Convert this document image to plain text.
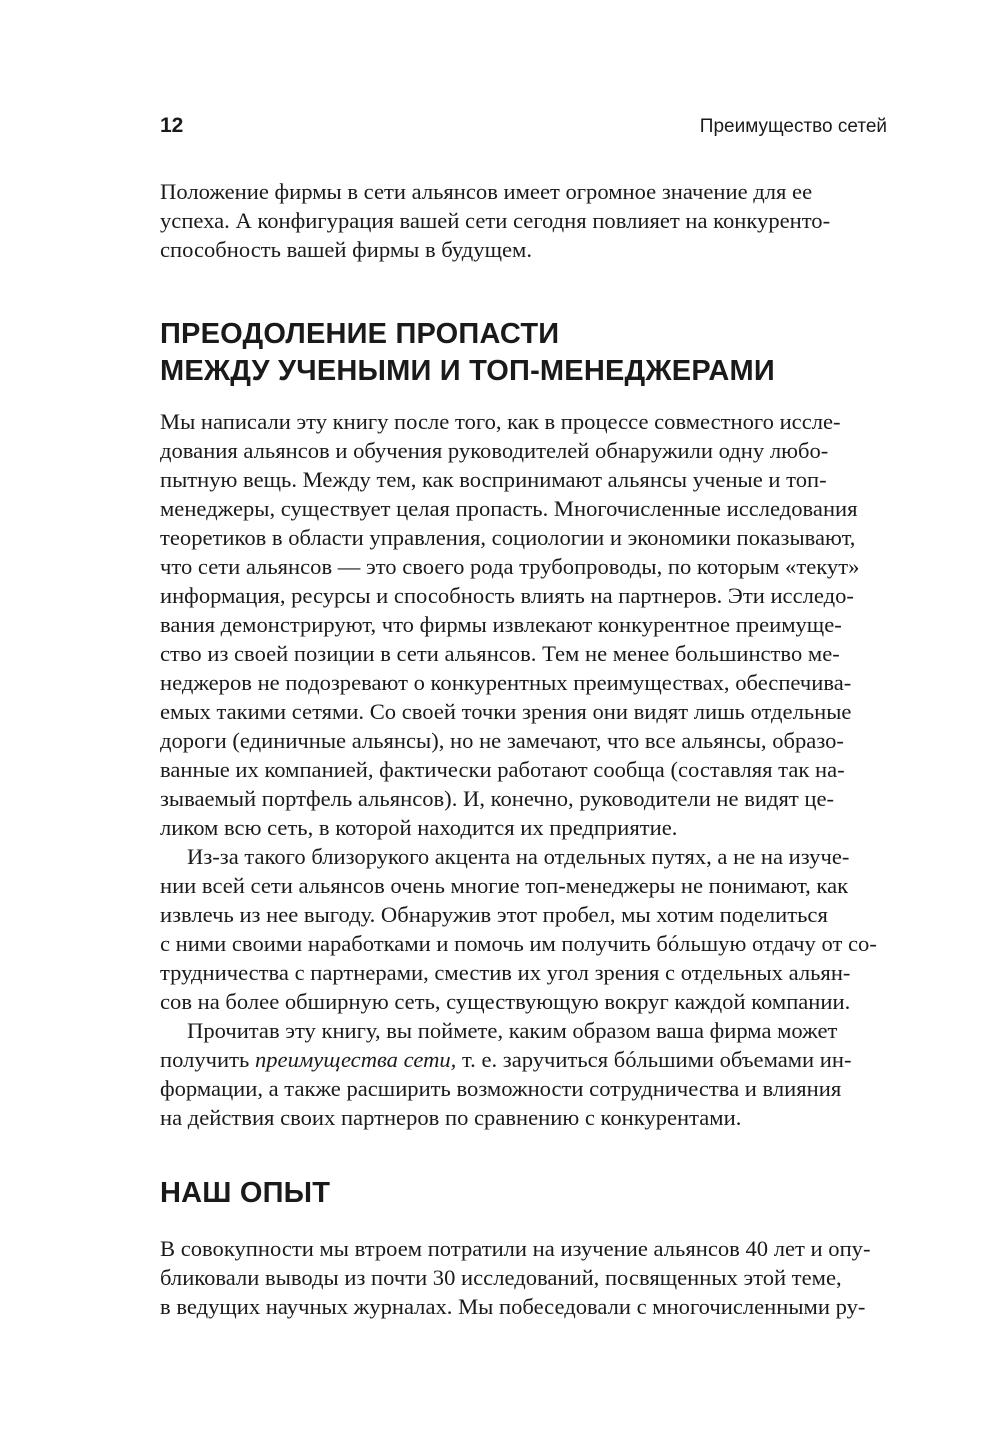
12	Преимущество сетей

Положение фирмы в сети альянсов имеет огромное значение для ее
успеха. А конфигурация вашей сети сегодня повлияет на конкуренто-
способность вашей фирмы в будущем.

ПРЕОДОЛЕНИЕ ПРОПАСТИ
МЕЖДУ УЧЕНЫМИ И ТОП-МЕНЕДЖЕРАМИ

Мы написали эту книгу после того, как в процессе совместного иссле-
дования альянсов и обучения руководителей обнаружили одну любо-
пытную вещь. Между тем, как воспринимают альянсы ученые и топ-
менеджеры, существует целая пропасть. Многочисленные исследования
теоретиков в области управления, социологии и экономики показывают,
что сети альянсов — это своего рода трубопроводы, по которым «текут»
информация, ресурсы и способность влиять на партнеров. Эти исследо-
вания демонстрируют, что фирмы извлекают конкурентное преимуще-
ство из своей позиции в сети альянсов. Тем не менее большинство ме-
неджеров не подозревают о конкурентных преимуществах, обеспечива-
емых такими сетями. Со своей точки зрения они видят лишь отдельные
дороги (единичные альянсы), но не замечают, что все альянсы, образо-
ванные их компанией, фактически работают сообща (составляя так на-
зываемый портфель альянсов). И, конечно, руководители не видят це-
ликом всю сеть, в которой находится их предприятие.

Из-за такого близорукого акцента на отдельных путях, а не на изуче-
нии всей сети альянсов очень многие топ-менеджеры не понимают, как
извлечь из нее выгоду. Обнаружив этот пробел, мы хотим поделиться
с ними своими наработками и помочь им получить бóльшую отдачу от со-
трудничества с партнерами, сместив их угол зрения с отдельных альян-
сов на более обширную сеть, существующую вокруг каждой компании.

Прочитав эту книгу, вы поймете, каким образом ваша фирма может
получить преимущества сети, т. е. заручиться бóльшими объемами ин-
формации, а также расширить возможности сотрудничества и влияния
на действия своих партнеров по сравнению с конкурентами.

НАШ ОПЫТ

В совокупности мы втроем потратили на изучение альянсов 40 лет и опу-
бликовали выводы из почти 30 исследований, посвященных этой теме,
в ведущих научных журналах. Мы побеседовали с многочисленными ру-
